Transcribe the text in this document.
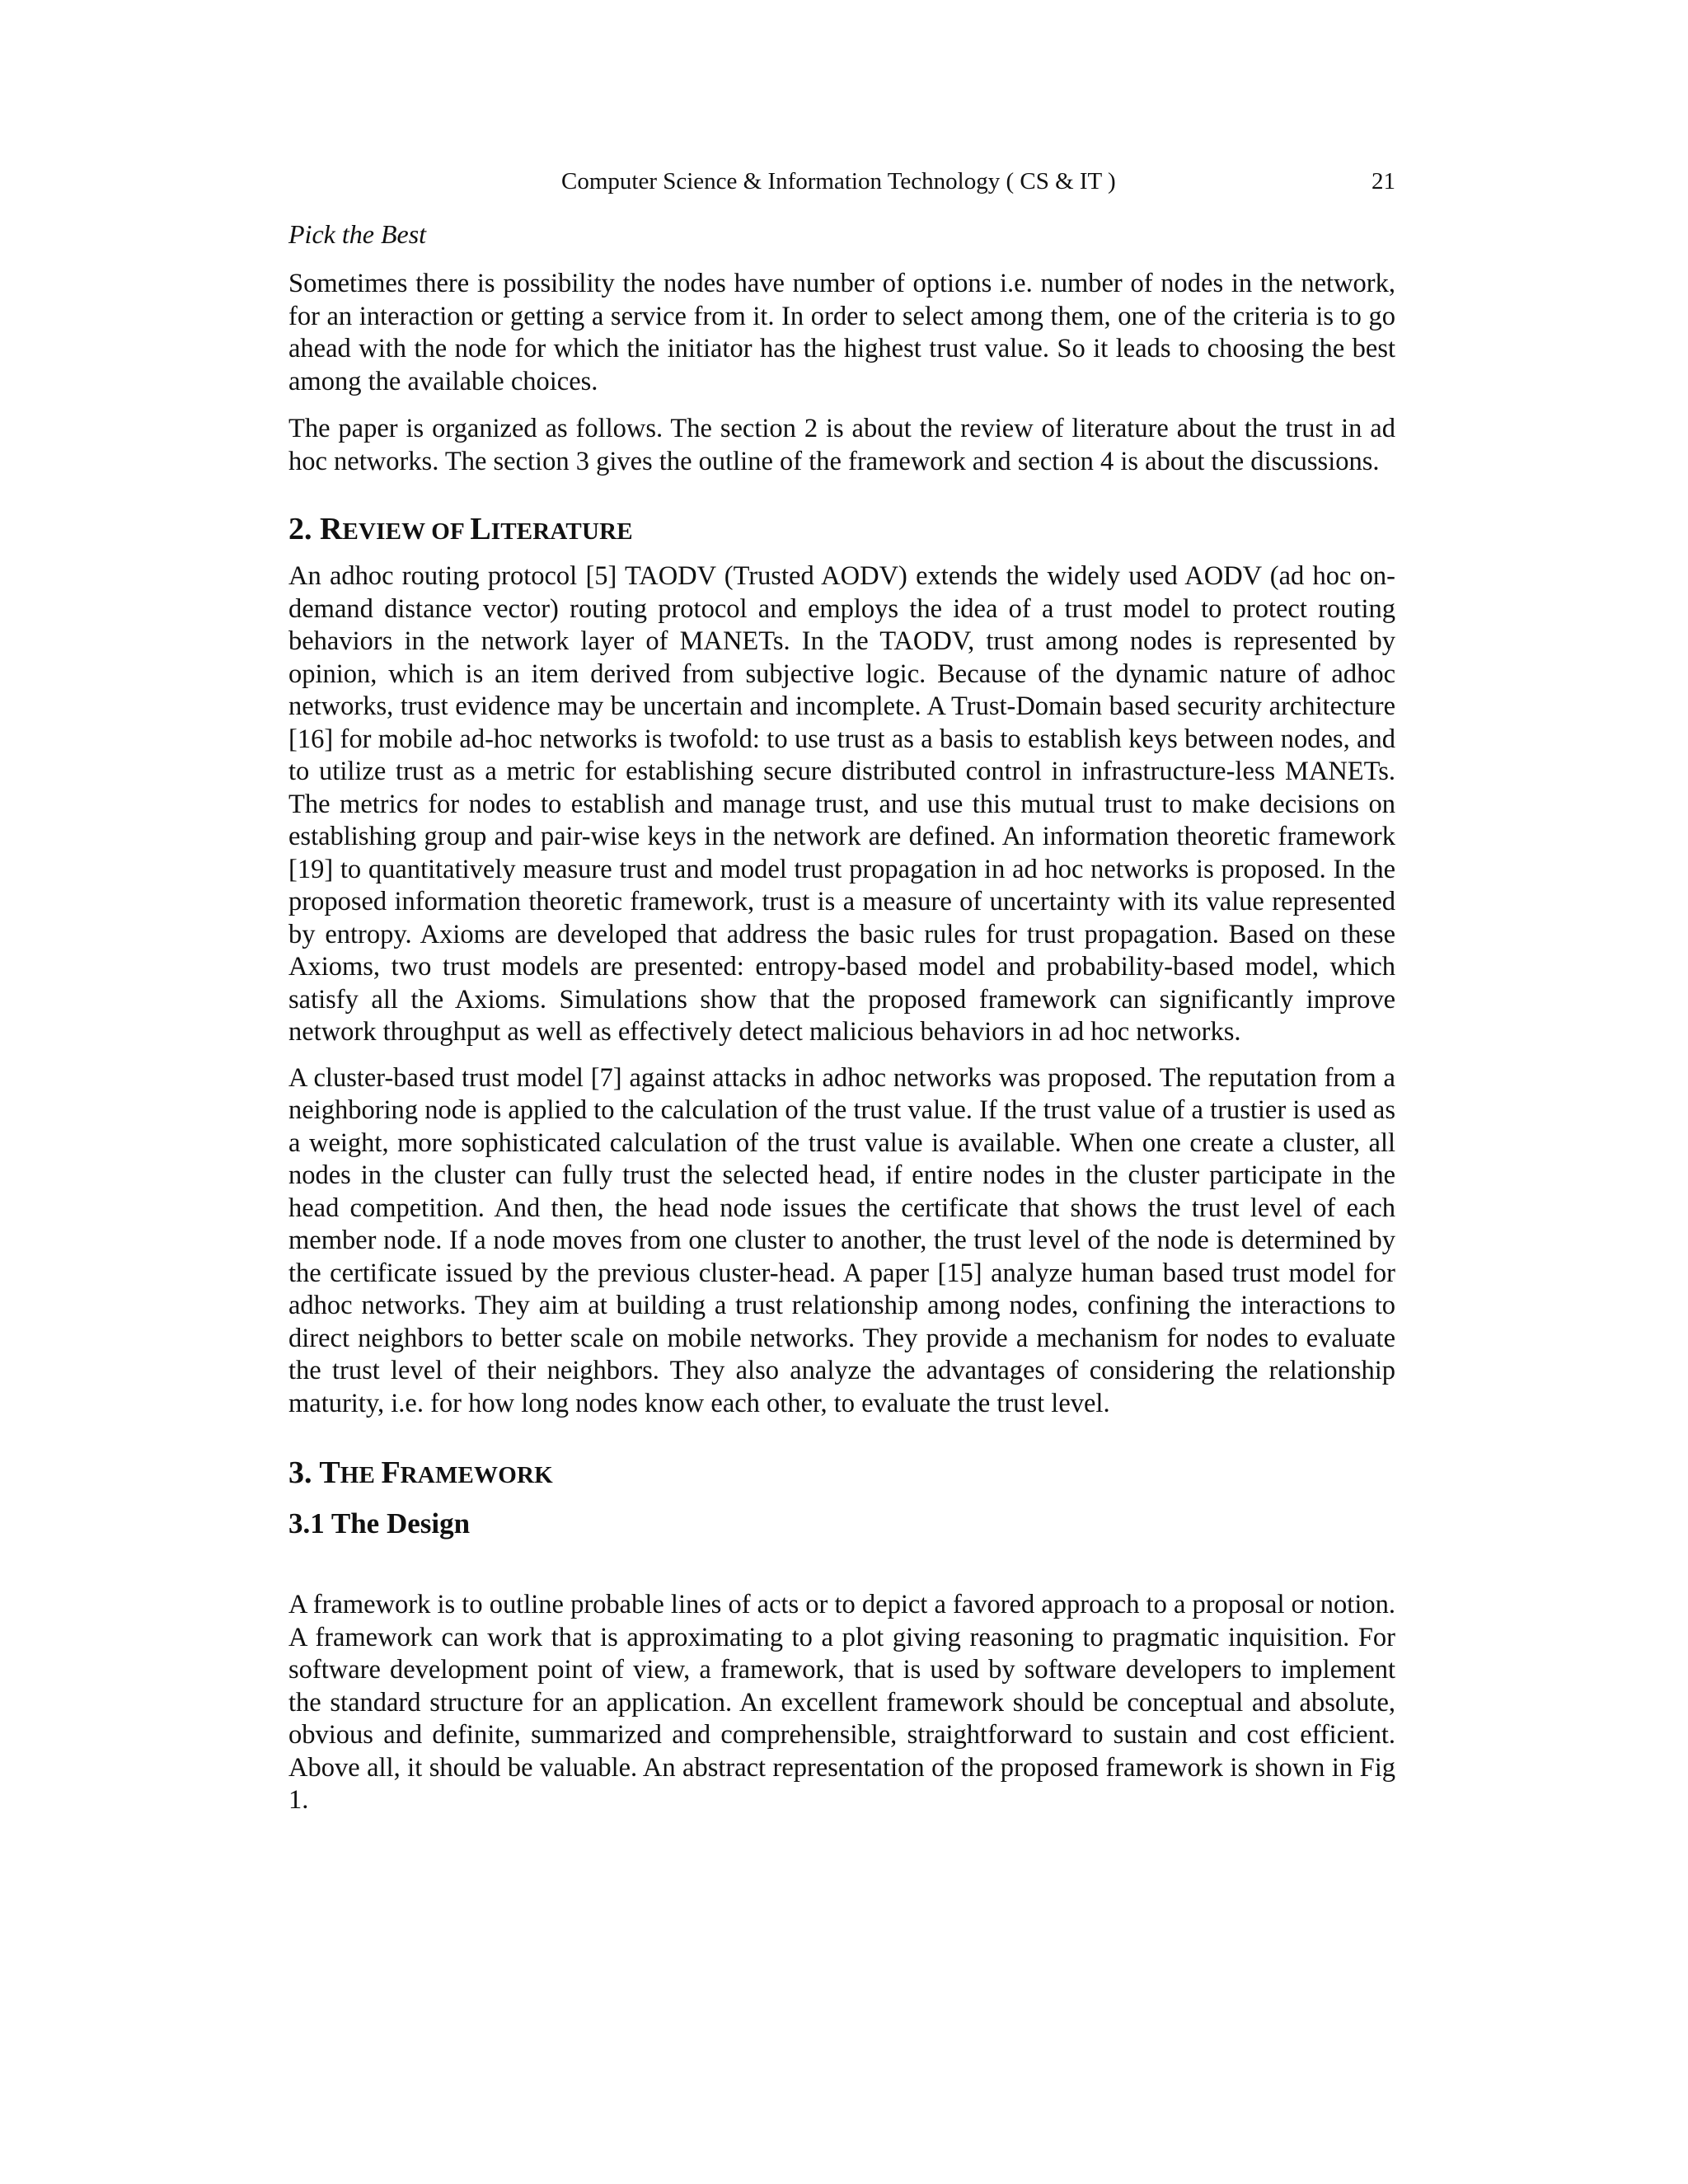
Computer Science & Information Technology ( CS & IT )	21
Pick the Best

Sometimes there is possibility the nodes have number of options i.e. number of nodes in the network, for an interaction or getting a service from it. In order to select among them, one of the criteria is to go ahead with the node for which the initiator has the highest trust value. So it leads to choosing the best among the available choices.

The paper is organized as follows. The section 2 is about the review of literature about the trust in ad hoc networks. The section 3 gives the outline of the framework and section 4 is about the discussions.

2. REVIEW OF LITERATURE

An adhoc routing protocol [5] TAODV (Trusted AODV) extends the widely used AODV (ad hoc on-demand distance vector) routing protocol and employs the idea of a trust model to protect routing behaviors in the network layer of MANETs. In the TAODV, trust among nodes is represented by opinion, which is an item derived from subjective logic. Because of the dynamic nature of adhoc networks, trust evidence may be uncertain and incomplete. A Trust-Domain based security architecture [16] for mobile ad-hoc networks is twofold: to use trust as a basis to establish keys between nodes, and to utilize trust as a metric for establishing secure distributed control in infrastructure-less MANETs. The metrics for nodes to establish and manage trust, and use this mutual trust to make decisions on establishing group and pair-wise keys in the network are defined. An information theoretic framework [19] to quantitatively measure trust and model trust propagation in ad hoc networks is proposed. In the proposed information theoretic framework, trust is a measure of uncertainty with its value represented by entropy. Axioms are developed that address the basic rules for trust propagation. Based on these Axioms, two trust models are presented: entropy-based model and probability-based model, which satisfy all the Axioms. Simulations show that the proposed framework can significantly improve network throughput as well as effectively detect malicious behaviors in ad hoc networks.

A cluster-based trust model [7] against attacks in adhoc networks was proposed. The reputation from a neighboring node is applied to the calculation of the trust value. If the trust value of a trustier is used as a weight, more sophisticated calculation of the trust value is available. When one create a cluster, all nodes in the cluster can fully trust the selected head, if entire nodes in the cluster participate in the head competition. And then, the head node issues the certificate that shows the trust level of each member node. If a node moves from one cluster to another, the trust level of the node is determined by the certificate issued by the previous cluster-head. A paper [15] analyze human based trust model for adhoc networks. They aim at building a trust relationship among nodes, confining the interactions to direct neighbors to better scale on mobile networks. They provide a mechanism for nodes to evaluate the trust level of their neighbors. They also analyze the advantages of considering the relationship maturity, i.e. for how long nodes know each other, to evaluate the trust level.

3. THE FRAMEWORK
3.1 The Design

A framework is to outline probable lines of acts or to depict a favored approach to a proposal or notion. A framework can work that is approximating to a plot giving reasoning to pragmatic inquisition. For software development point of view, a framework, that is used by software developers to implement the standard structure for an application. An excellent framework should be conceptual and absolute, obvious and definite, summarized and comprehensible, straightforward to sustain and cost efficient. Above all, it should be valuable. An abstract representation of the proposed framework is shown in Fig 1.
